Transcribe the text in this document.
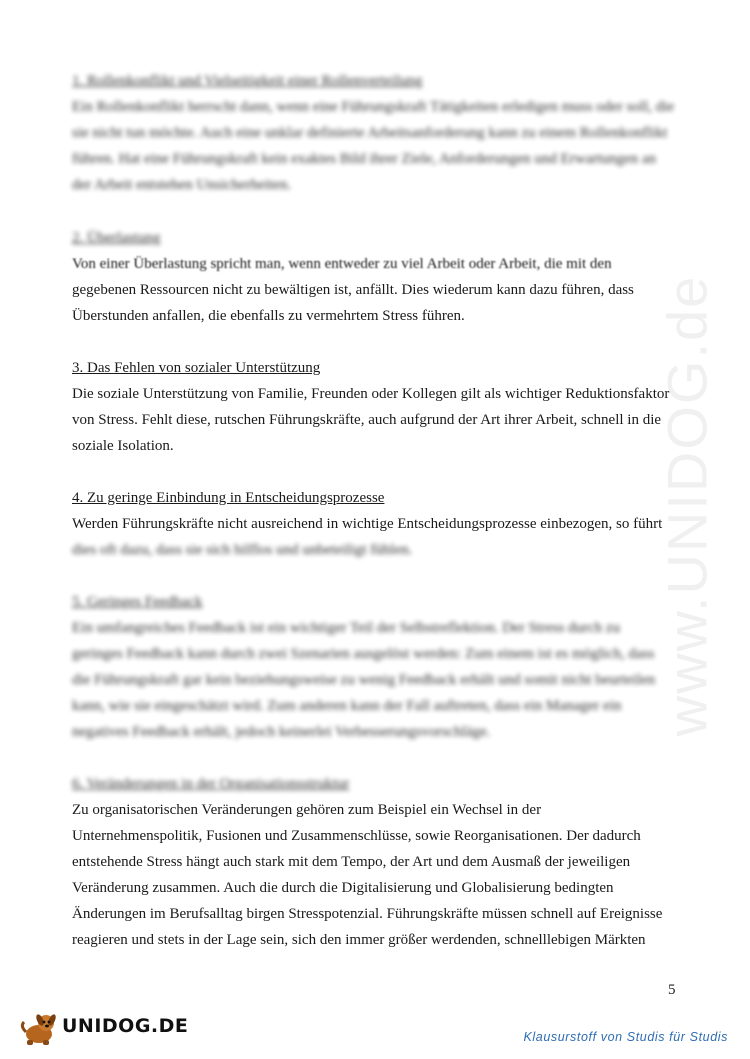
www.UNIDOG.de
1. Rollenkonflikt und Vielseitigkeit einer Rollenverteilung
Ein Rollenkonflikt herrscht dann, wenn eine Führungskraft Tätigkeiten erledigen muss oder soll, die
sie nicht tun möchte. Auch eine unklar definierte Arbeitsanforderung kann zu einem Rollenkonflikt
führen. Hat eine Führungskraft kein exaktes Bild ihrer Ziele, Anforderungen und Erwartungen an
der Arbeit entstehen Unsicherheiten.
2. Überlastung
Von einer Überlastung spricht man, wenn entweder zu viel Arbeit oder Arbeit, die mit den
gegebenen Ressourcen nicht zu bewältigen ist, anfällt. Dies wiederum kann dazu führen, dass
Überstunden anfallen, die ebenfalls zu vermehrtem Stress führen.
3. Das Fehlen von sozialer Unterstützung
Die soziale Unterstützung von Familie, Freunden oder Kollegen gilt als wichtiger Reduktionsfaktor
von Stress. Fehlt diese, rutschen Führungskräfte, auch aufgrund der Art ihrer Arbeit, schnell in die
soziale Isolation.
4. Zu geringe Einbindung in Entscheidungsprozesse
Werden Führungskräfte nicht ausreichend in wichtige Entscheidungsprozesse einbezogen, so führt
dies oft dazu, dass sie sich hilflos und unbeteiligt fühlen.
5. Geringes Feedback
Ein umfangreiches Feedback ist ein wichtiger Teil der Selbstreflektion. Der Stress durch zu
geringes Feedback kann durch zwei Szenarien ausgelöst werden: Zum einem ist es möglich, dass
die Führungskraft gar kein beziehungsweise zu wenig Feedback erhält und somit nicht beurteilen
kann, wie sie eingeschätzt wird. Zum anderen kann der Fall auftreten, dass ein Manager ein
negatives Feedback erhält, jedoch keinerlei Verbesserungsvorschläge.
6. Veränderungen in der Organisationsstruktur
Zu organisatorischen Veränderungen gehören zum Beispiel ein Wechsel in der
Unternehmenspolitik, Fusionen und Zusammenschlüsse, sowie Reorganisationen. Der dadurch
entstehende Stress hängt auch stark mit dem Tempo, der Art und dem Ausmaß der jeweiligen
Veränderung zusammen. Auch die durch die Digitalisierung und Globalisierung bedingten
Änderungen im Berufsalltag birgen Stresspotenzial. Führungskräfte müssen schnell auf Ereignisse
reagieren und stets in der Lage sein, sich den immer größer werdenden, schnelllebigen Märkten
5
UNIDOG.DE	Klausurstoff von Studis für Studis
